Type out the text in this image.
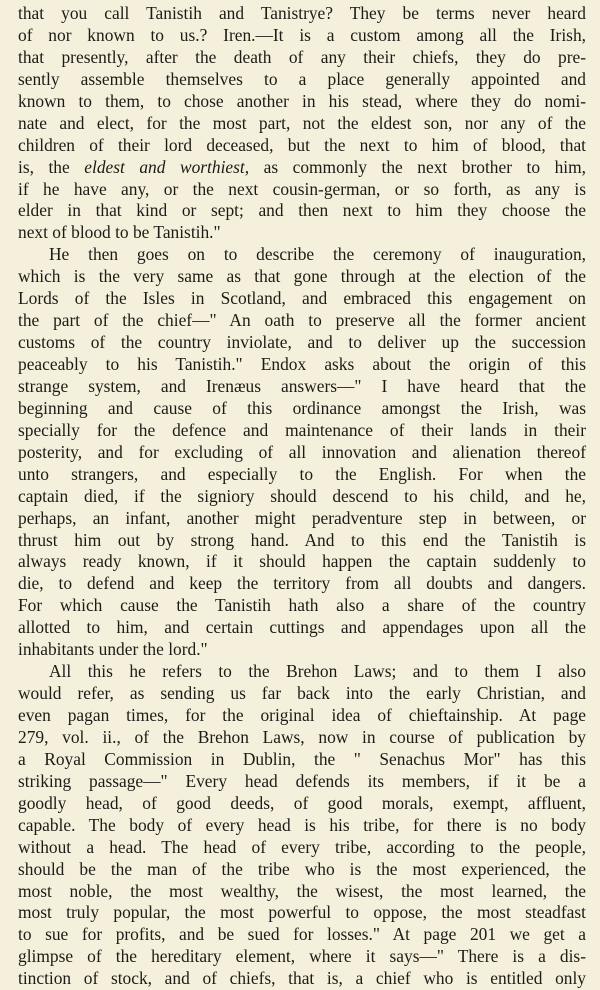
that you call Tanistih and Tanistrye? They be terms never heard
of nor known to us.? Iren.—It is a custom among all the Irish,
that presently, after the death of any their chiefs, they do pre-
sently assemble themselves to a place generally appointed and
known to them, to chose another in his stead, where they do nomi-
nate and elect, for the most part, not the eldest son, nor any of the
children of their lord deceased, but the next to him of blood, that
is, the eldest and worthiest, as commonly the next brother to him,
if he have any, or the next cousin-german, or so forth, as any is
elder in that kind or sept; and then next to him they choose the
next of blood to be Tanistih."
He then goes on to describe the ceremony of inauguration,
which is the very same as that gone through at the election of the
Lords of the Isles in Scotland, and embraced this engagement on
the part of the chief—" An oath to preserve all the former ancient
customs of the country inviolate, and to deliver up the succession
peaceably to his Tanistih." Endox asks about the origin of this
strange system, and Irenæus answers—" I have heard that the
beginning and cause of this ordinance amongst the Irish, was
specially for the defence and maintenance of their lands in their
posterity, and for excluding of all innovation and alienation thereof
unto strangers, and especially to the English. For when the
captain died, if the signiory should descend to his child, and he,
perhaps, an infant, another might peradventure step in between, or
thrust him out by strong hand. And to this end the Tanistih is
always ready known, if it should happen the captain suddenly to
die, to defend and keep the territory from all doubts and dangers.
For which cause the Tanistih hath also a share of the country
allotted to him, and certain cuttings and appendages upon all the
inhabitants under the lord."
All this he refers to the Brehon Laws; and to them I also
would refer, as sending us far back into the early Christian, and
even pagan times, for the original idea of chieftainship. At page
279, vol. ii., of the Brehon Laws, now in course of publication by
a Royal Commission in Dublin, the " Senachus Mor" has this
striking passage—" Every head defends its members, if it be a
goodly head, of good deeds, of good morals, exempt, affluent,
capable. The body of every head is his tribe, for there is no body
without a head. The head of every tribe, according to the people,
should be the man of the tribe who is the most experienced, the
most noble, the most wealthy, the wisest, the most learned, the
most truly popular, the most powerful to oppose, the most steadfast
to sue for profits, and be sued for losses." At page 201 we get a
glimpse of the hereditary element, where it says—" There is a dis-
tinction of stock, and of chiefs, that is, a chief who is entitled only
